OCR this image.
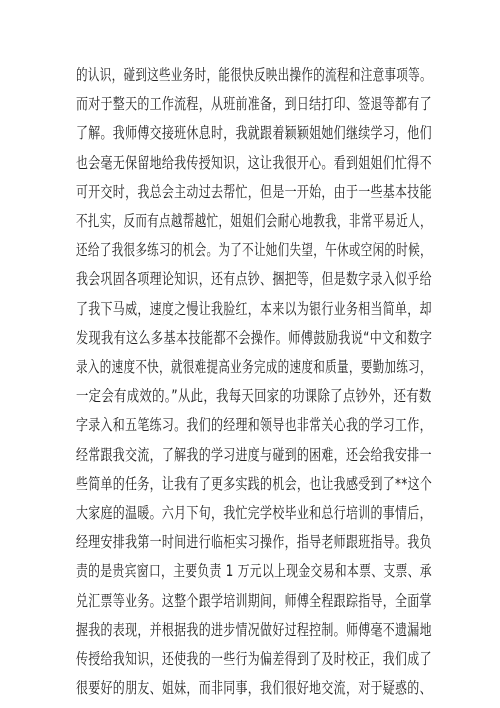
的认识，碰到这些业务时，能很快反映出操作的流程和注意事项等。
而对于整天的工作流程，从班前准备，到日结打印、签退等都有了
了解。我师傅交接班休息时，我就跟着颖颖姐她们继续学习，他们
也会毫无保留地给我传授知识，这让我很开心。看到姐姐们忙得不
可开交时，我总会主动过去帮忙，但是一开始，由于一些基本技能
不扎实，反而有点越帮越忙，姐姐们会耐心地教我，非常平易近人，
还给了我很多练习的机会。为了不让她们失望，午休或空闲的时候，
我会巩固各项理论知识，还有点钞、捆把等，但是数字录入似乎给
了我下马威，速度之慢让我脸红，本来以为银行业务相当简单，却
发现我有这么多基本技能都不会操作。师傅鼓励我说“中文和数字
录入的速度不快，就很难提高业务完成的速度和质量，要勤加练习，
一定会有成效的。”从此，我每天回家的功课除了点钞外，还有数
字录入和五笔练习。我们的经理和领导也非常关心我的学习工作，
经常跟我交流，了解我的学习进度与碰到的困难，还会给我安排一
些简单的任务，让我有了更多实践的机会，也让我感受到了**这个
大家庭的温暖。六月下旬，我忙完学校毕业和总行培训的事情后，
经理安排我第一时间进行临柜实习操作，指导老师跟班指导。我负
责的是贵宾窗口，主要负责 1 万元以上现金交易和本票、支票、承
兑汇票等业务。这整个跟学培训期间，师傅全程跟踪指导，全面掌
握我的表现，并根据我的进步情况做好过程控制。师傅毫不遗漏地
传授给我知识，还使我的一些行为偏差得到了及时校正，我们成了
很要好的朋友、姐妹，而非同事，我们很好地交流，对于疑惑的、
